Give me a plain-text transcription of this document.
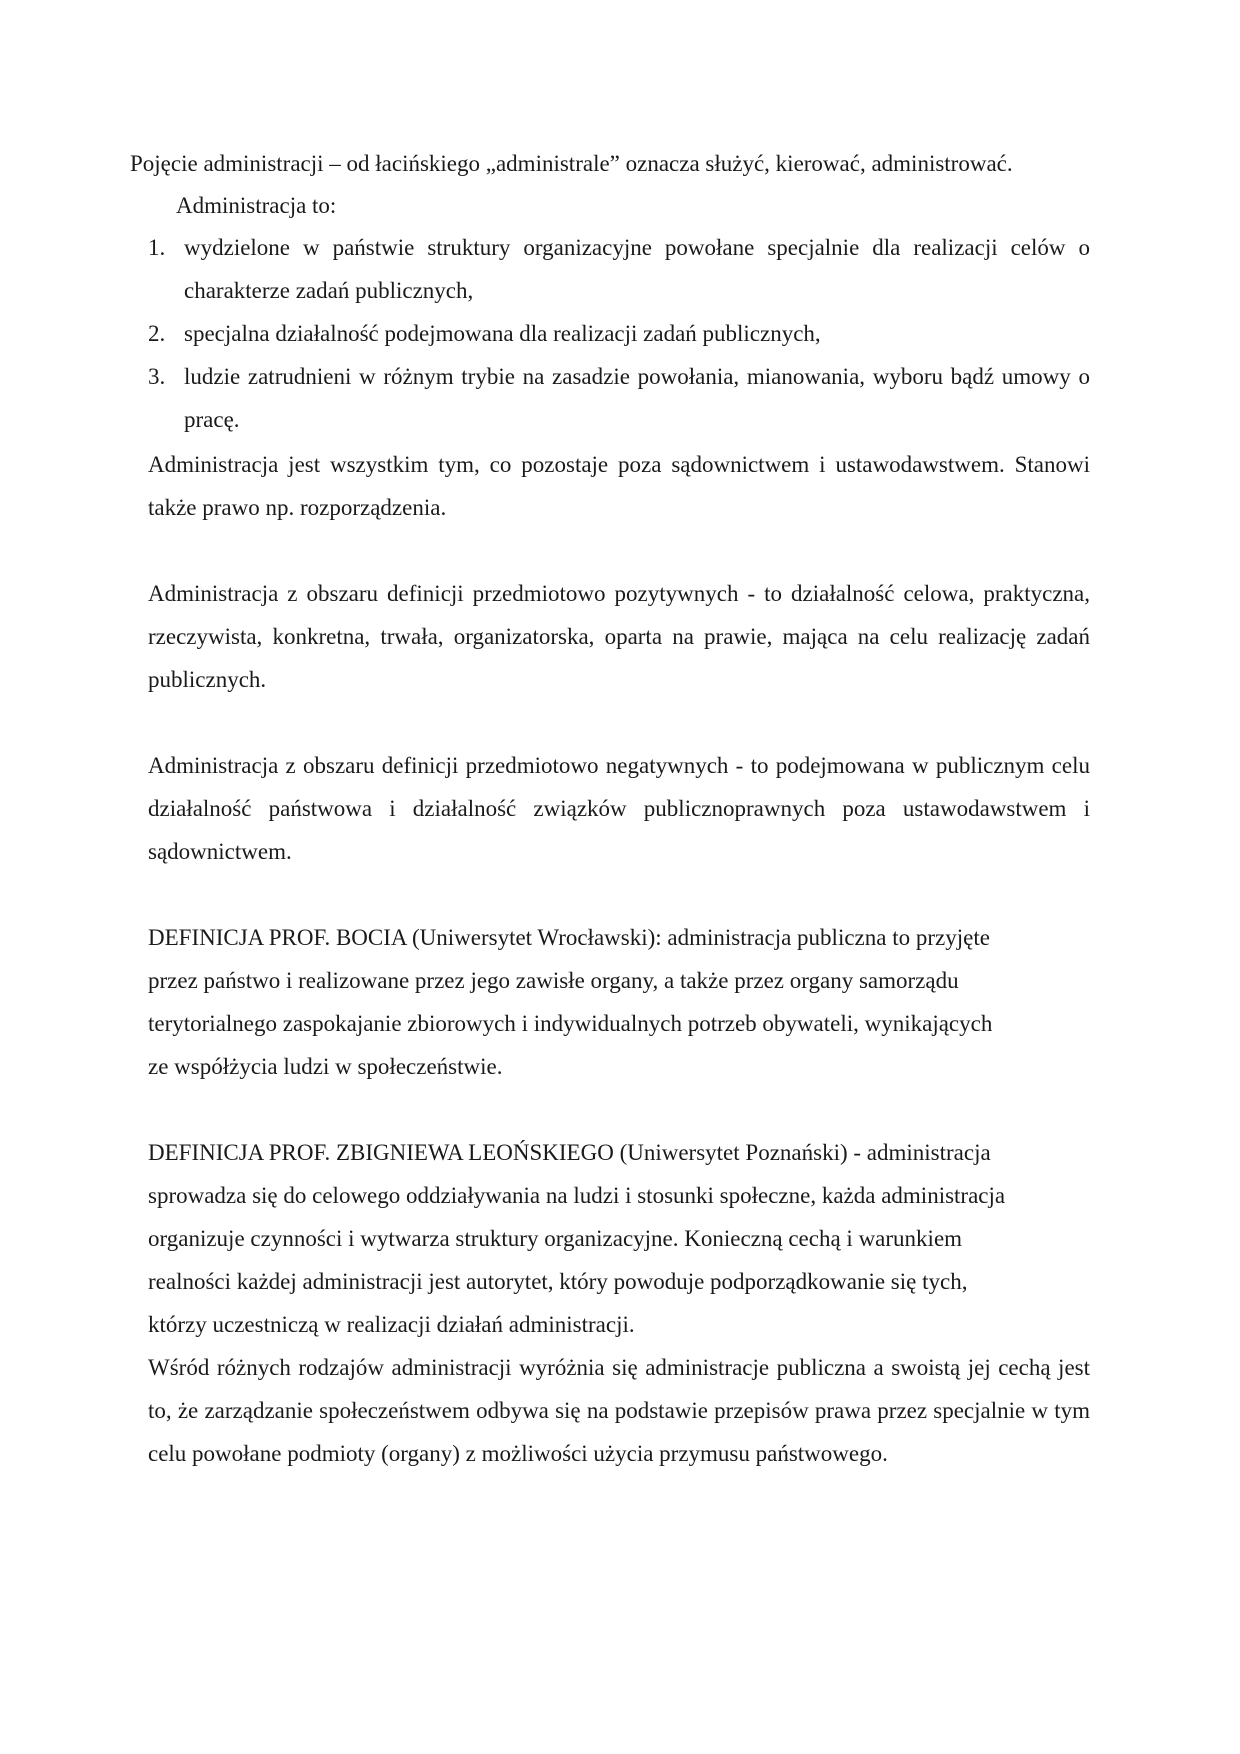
Pojęcie administracji – od łacińskiego „administrale” oznacza służyć, kierować, administrować.

Administracja to:

1. wydzielone w państwie struktury organizacyjne powołane specjalnie dla realizacji celów o charakterze zadań publicznych,
2. specjalna działalność podejmowana dla realizacji zadań publicznych,
3. ludzie zatrudnieni w różnym trybie na zasadzie powołania, mianowania, wyboru bądź umowy o pracę.

Administracja jest wszystkim tym, co pozostaje poza sądownictwem i ustawodawstwem. Stanowi także prawo np. rozporządzenia.

Administracja z obszaru definicji przedmiotowo pozytywnych - to działalność celowa, praktyczna, rzeczywista, konkretna, trwała, organizatorska, oparta na prawie, mająca na celu realizację zadań publicznych.

Administracja z obszaru definicji przedmiotowo negatywnych - to podejmowana w publicznym celu działalność państwowa i działalność związków publicznoprawnych poza ustawodawstwem i sądownictwem.

DEFINICJA PROF. BOCIA (Uniwersytet Wrocławski): administracja publiczna to przyjęte

przez państwo i realizowane przez jego zawisłe organy, a także przez organy samorządu

terytorialnego zaspokajanie zbiorowych i indywidualnych potrzeb obywateli, wynikających

ze współżycia ludzi w społeczeństwie.

DEFINICJA PROF. ZBIGNIEWA LEOŃSKIEGO (Uniwersytet Poznański) - administracja

sprowadza się do celowego oddziaływania na ludzi i stosunki społeczne, każda administracja

organizuje czynności i wytwarza struktury organizacyjne. Konieczną cechą i warunkiem

realności każdej administracji jest autorytet, który powoduje podporządkowanie się tych,

którzy uczestniczą w realizacji działań administracji.

Wśród różnych rodzajów administracji wyróżnia się administracje publiczna a swoistą jej cechą jest to, że zarządzanie społeczeństwem odbywa się na podstawie przepisów prawa przez specjalnie w tym celu powołane podmioty (organy) z możliwości użycia przymusu państwowego.
